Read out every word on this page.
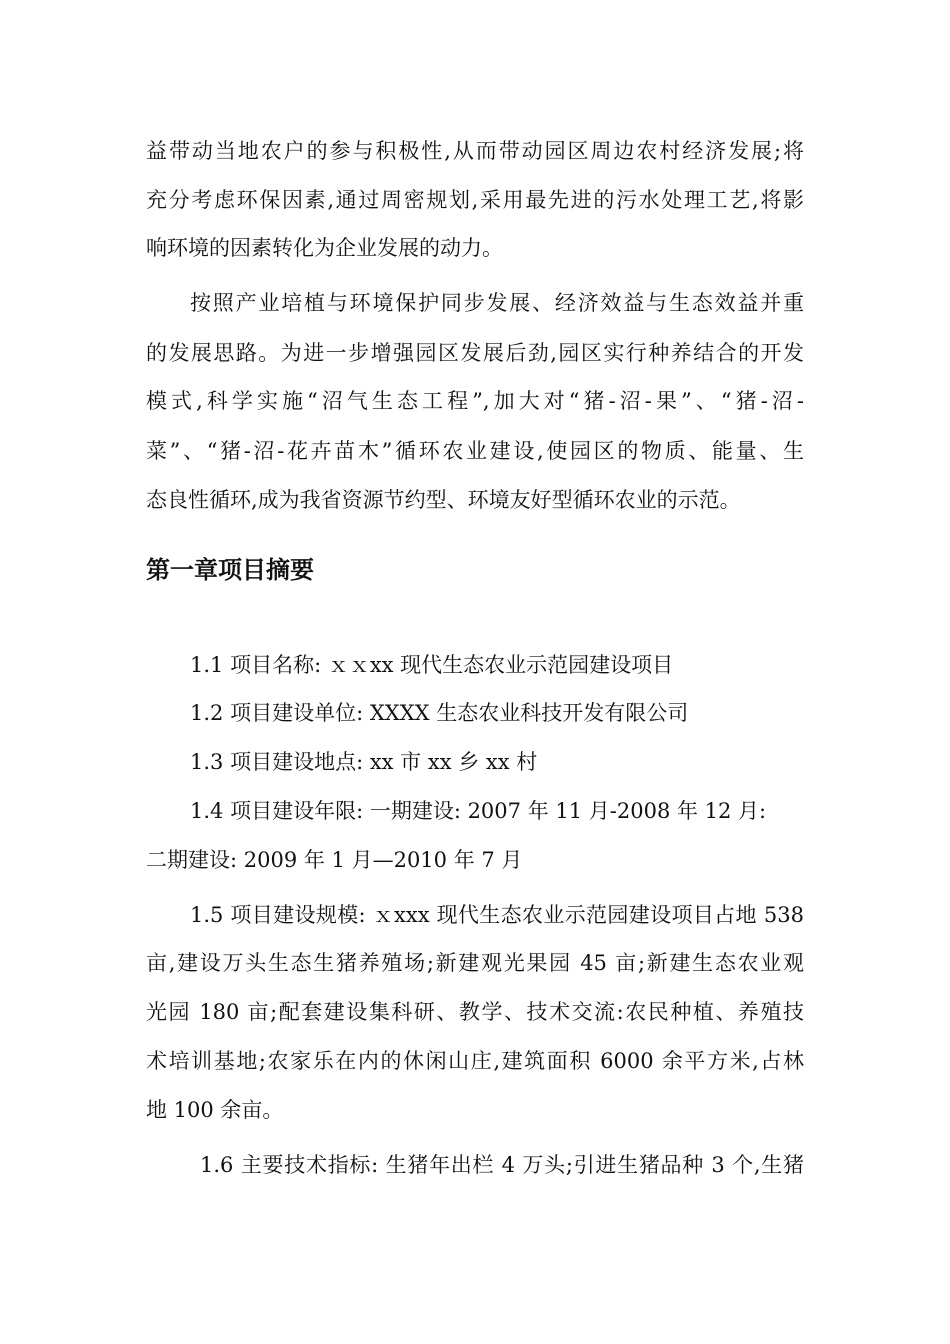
益带动当地农户的参与积极性,从而带动园区周边农村经济发展;将
充分考虑环保因素,通过周密规划,采用最先进的污水处理工艺,将影
响环境的因素转化为企业发展的动力。
按照产业培植与环境保护同步发展、经济效益与生态效益并重
的发展思路。为进一步增强园区发展后劲,园区实行种养结合的开发
模式,科学实施“沼气生态工程”,加大对“猪-沼-果”、“猪-沼-
菜”、“猪-沼-花卉苗木”循环农业建设,使园区的物质、能量、生
态良性循环,成为我省资源节约型、环境友好型循环农业的示范。
第一章项目摘要
1.1 项目名称: ｘｘxx 现代生态农业示范园建设项目
1.2 项目建设单位: XXXX 生态农业科技开发有限公司
1.3 项目建设地点: xx 市 xx 乡 xx 村
1.4 项目建设年限: 一期建设: 2007 年 11 月-2008 年 12 月:
二期建设: 2009 年 1 月—2010 年 7 月
1.5 项目建设规模: ｘxxx 现代生态农业示范园建设项目占地 538
亩,建设万头生态生猪养殖场;新建观光果园 45 亩;新建生态农业观
光园 180 亩;配套建设集科研、教学、技术交流:农民种植、养殖技
术培训基地;农家乐在内的休闲山庄,建筑面积 6000 余平方米,占林
地 100 余亩。
1.6 主要技术指标: 生猪年出栏 4 万头;引进生猪品种 3 个,生猪
